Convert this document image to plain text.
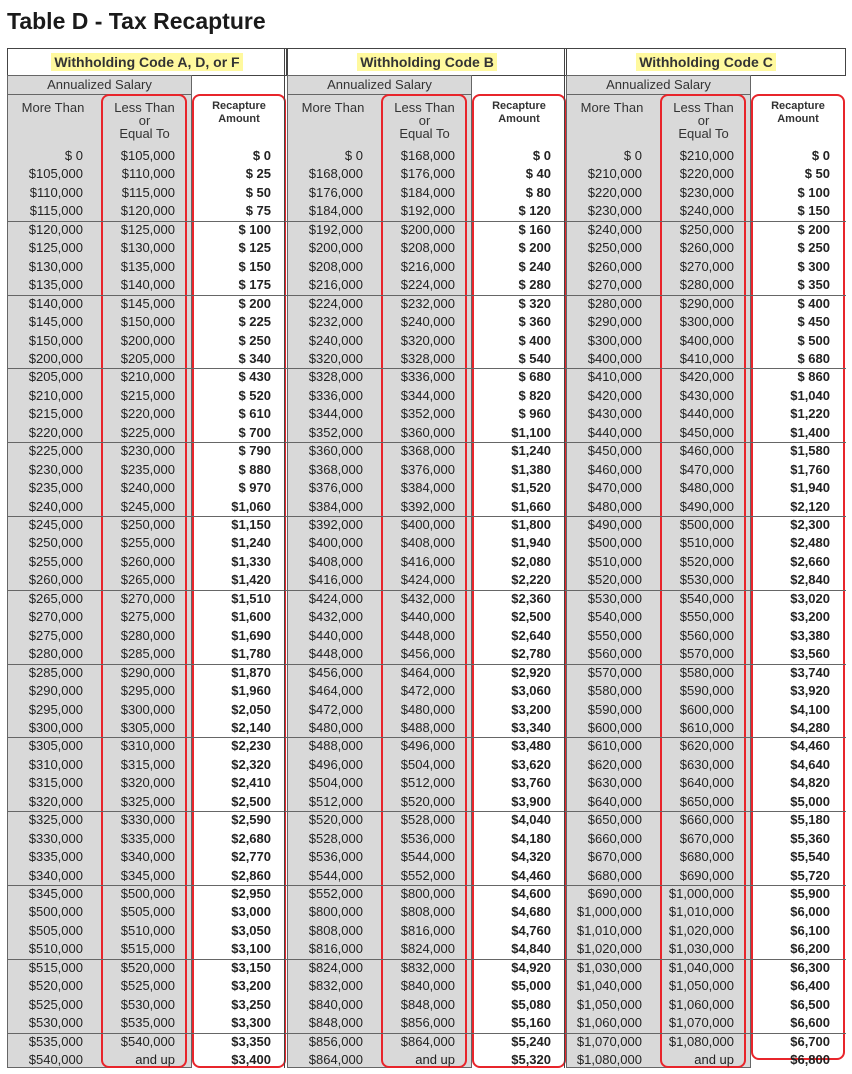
Table D - Tax Recapture
Withholding Code A, D, or F
Annualized Salary
More Than	Less Than
or
Equal To
Recapture
Amount
$ 0	$105,000	$ 0
$105,000	$110,000	$ 25
$110,000	$115,000	$ 50
$115,000	$120,000	$ 75
$120,000	$125,000	$ 100
$125,000	$130,000	$ 125
$130,000	$135,000	$ 150
$135,000	$140,000	$ 175
$140,000	$145,000	$ 200
$145,000	$150,000	$ 225
$150,000	$200,000	$ 250
$200,000	$205,000	$ 340
$205,000	$210,000	$ 430
$210,000	$215,000	$ 520
$215,000	$220,000	$ 610
$220,000	$225,000	$ 700
$225,000	$230,000	$ 790
$230,000	$235,000	$ 880
$235,000	$240,000	$ 970
$240,000	$245,000	$1,060
$245,000	$250,000	$1,150
$250,000	$255,000	$1,240
$255,000	$260,000	$1,330
$260,000	$265,000	$1,420
$265,000	$270,000	$1,510
$270,000	$275,000	$1,600
$275,000	$280,000	$1,690
$280,000	$285,000	$1,780
$285,000	$290,000	$1,870
$290,000	$295,000	$1,960
$295,000	$300,000	$2,050
$300,000	$305,000	$2,140
$305,000	$310,000	$2,230
$310,000	$315,000	$2,320
$315,000	$320,000	$2,410
$320,000	$325,000	$2,500
$325,000	$330,000	$2,590
$330,000	$335,000	$2,680
$335,000	$340,000	$2,770
$340,000	$345,000	$2,860
$345,000	$500,000	$2,950
$500,000	$505,000	$3,000
$505,000	$510,000	$3,050
$510,000	$515,000	$3,100
$515,000	$520,000	$3,150
$520,000	$525,000	$3,200
$525,000	$530,000	$3,250
$530,000	$535,000	$3,300
$535,000	$540,000	$3,350
$540,000	and up	$3,400
Withholding Code B
Annualized Salary
More Than	Less Than
or
Equal To
Recapture
Amount
$ 0	$168,000	$ 0
$168,000	$176,000	$ 40
$176,000	$184,000	$ 80
$184,000	$192,000	$ 120
$192,000	$200,000	$ 160
$200,000	$208,000	$ 200
$208,000	$216,000	$ 240
$216,000	$224,000	$ 280
$224,000	$232,000	$ 320
$232,000	$240,000	$ 360
$240,000	$320,000	$ 400
$320,000	$328,000	$ 540
$328,000	$336,000	$ 680
$336,000	$344,000	$ 820
$344,000	$352,000	$ 960
$352,000	$360,000	$1,100
$360,000	$368,000	$1,240
$368,000	$376,000	$1,380
$376,000	$384,000	$1,520
$384,000	$392,000	$1,660
$392,000	$400,000	$1,800
$400,000	$408,000	$1,940
$408,000	$416,000	$2,080
$416,000	$424,000	$2,220
$424,000	$432,000	$2,360
$432,000	$440,000	$2,500
$440,000	$448,000	$2,640
$448,000	$456,000	$2,780
$456,000	$464,000	$2,920
$464,000	$472,000	$3,060
$472,000	$480,000	$3,200
$480,000	$488,000	$3,340
$488,000	$496,000	$3,480
$496,000	$504,000	$3,620
$504,000	$512,000	$3,760
$512,000	$520,000	$3,900
$520,000	$528,000	$4,040
$528,000	$536,000	$4,180
$536,000	$544,000	$4,320
$544,000	$552,000	$4,460
$552,000	$800,000	$4,600
$800,000	$808,000	$4,680
$808,000	$816,000	$4,760
$816,000	$824,000	$4,840
$824,000	$832,000	$4,920
$832,000	$840,000	$5,000
$840,000	$848,000	$5,080
$848,000	$856,000	$5,160
$856,000	$864,000	$5,240
$864,000	and up	$5,320
Withholding Code C
Annualized Salary
More Than	Less Than
or
Equal To
Recapture
Amount
$ 0	$210,000	$ 0
$210,000	$220,000	$ 50
$220,000	$230,000	$ 100
$230,000	$240,000	$ 150
$240,000	$250,000	$ 200
$250,000	$260,000	$ 250
$260,000	$270,000	$ 300
$270,000	$280,000	$ 350
$280,000	$290,000	$ 400
$290,000	$300,000	$ 450
$300,000	$400,000	$ 500
$400,000	$410,000	$ 680
$410,000	$420,000	$ 860
$420,000	$430,000	$1,040
$430,000	$440,000	$1,220
$440,000	$450,000	$1,400
$450,000	$460,000	$1,580
$460,000	$470,000	$1,760
$470,000	$480,000	$1,940
$480,000	$490,000	$2,120
$490,000	$500,000	$2,300
$500,000	$510,000	$2,480
$510,000	$520,000	$2,660
$520,000	$530,000	$2,840
$530,000	$540,000	$3,020
$540,000	$550,000	$3,200
$550,000	$560,000	$3,380
$560,000	$570,000	$3,560
$570,000	$580,000	$3,740
$580,000	$590,000	$3,920
$590,000	$600,000	$4,100
$600,000	$610,000	$4,280
$610,000	$620,000	$4,460
$620,000	$630,000	$4,640
$630,000	$640,000	$4,820
$640,000	$650,000	$5,000
$650,000	$660,000	$5,180
$660,000	$670,000	$5,360
$670,000	$680,000	$5,540
$680,000	$690,000	$5,720
$690,000	$1,000,000	$5,900
$1,000,000	$1,010,000	$6,000
$1,010,000	$1,020,000	$6,100
$1,020,000	$1,030,000	$6,200
$1,030,000	$1,040,000	$6,300
$1,040,000	$1,050,000	$6,400
$1,050,000	$1,060,000	$6,500
$1,060,000	$1,070,000	$6,600
$1,070,000	$1,080,000	$6,700
$1,080,000	and up	$6,800
